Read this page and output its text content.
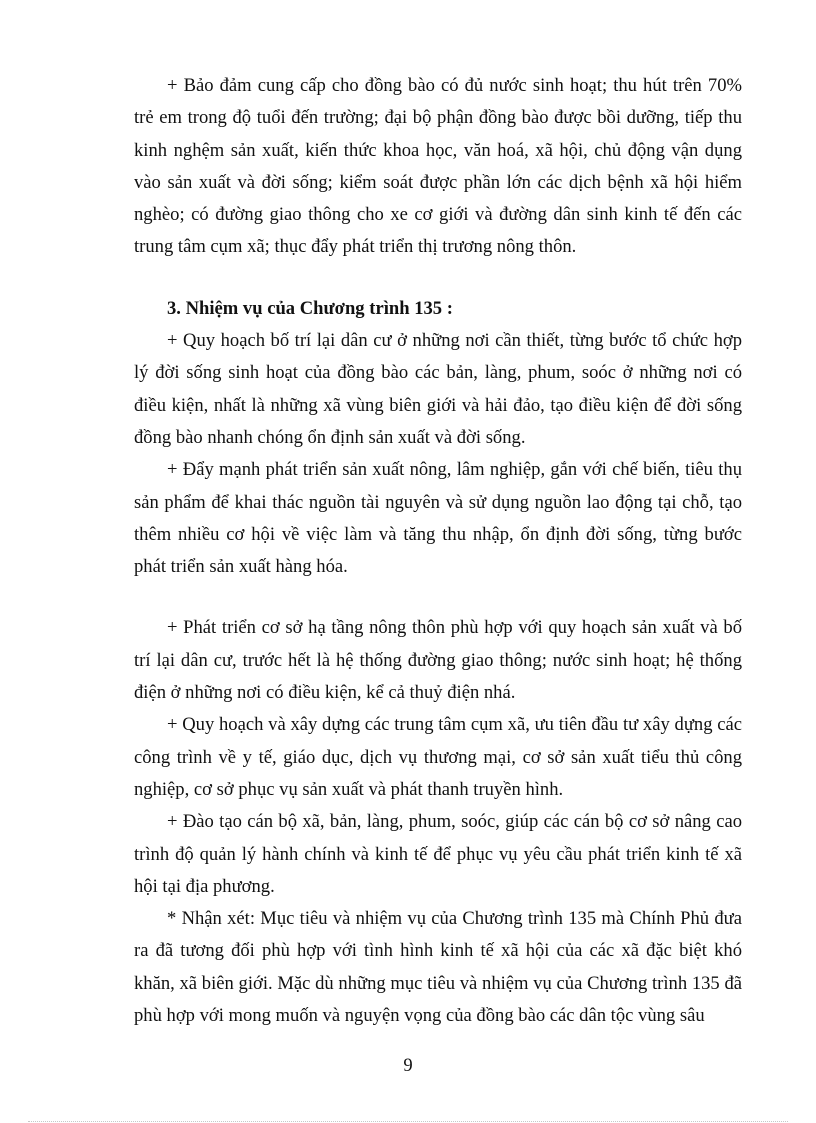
+ Bảo đảm cung cấp cho đồng bào có đủ nước sinh hoạt; thu hút trên 70% trẻ em trong độ tuổi đến trường; đại bộ phận đồng bào được bồi dưỡng, tiếp thu kinh nghệm sản xuất, kiến thức khoa học, văn hoá, xã hội, chủ động vận dụng vào sản xuất và đời sống; kiểm soát được phần lớn các dịch bệnh xã hội hiểm nghèo; có đường giao thông cho xe cơ giới và đường dân sinh kinh tế đến các trung tâm cụm xã; thục đẩy phát triển thị trương nông thôn.

3. Nhiệm vụ của Chương trình 135 :

+ Quy hoạch bố trí lại dân cư ở những nơi cần thiết, từng bước tổ chức hợp lý đời sống sinh hoạt của đồng bào các bản, làng, phum, soóc ở những nơi có điều kiện, nhất là những xã vùng biên giới và hải đảo, tạo điều kiện để đời sống đồng bào nhanh chóng ổn định sản xuất và đời sống.

+ Đẩy mạnh phát triển sản xuất nông, lâm nghiệp, gắn với chế biến, tiêu thụ sản phẩm để khai thác nguồn tài nguyên và sử dụng nguồn lao động tại chỗ, tạo thêm nhiều cơ hội về việc làm và tăng thu nhập, ổn định đời sống, từng bước phát triển sản xuất hàng hóa.

+ Phát triển cơ sở hạ tầng nông thôn phù hợp với quy hoạch sản xuất và bố trí lại dân cư, trước hết là hệ thống đường giao thông; nước sinh hoạt; hệ thống điện ở những nơi có điều kiện, kể cả thuỷ điện nhá.

+ Quy hoạch và xây dựng các trung tâm cụm xã, ưu tiên đầu tư xây dựng các công trình về y tế, giáo dục, dịch vụ thương mại, cơ sở sản xuất tiểu thủ công nghiệp, cơ sở phục vụ sản xuất và phát thanh truyền hình.

+ Đào tạo cán bộ xã, bản, làng, phum, soóc, giúp các cán bộ cơ sở nâng cao trình độ quản lý hành chính và kinh tế để phục vụ yêu cầu phát triển kinh tế xã hội tại địa phương.

* Nhận xét: Mục tiêu và nhiệm vụ của Chương trình 135 mà Chính Phủ đưa ra đã tương đối phù hợp với tình hình kinh tế xã hội của các xã đặc biệt khó khăn, xã biên giới. Mặc dù những mục tiêu và nhiệm vụ của Chương trình 135 đã phù hợp với mong muốn và nguyện vọng của đồng bào các dân tộc vùng sâu

9
